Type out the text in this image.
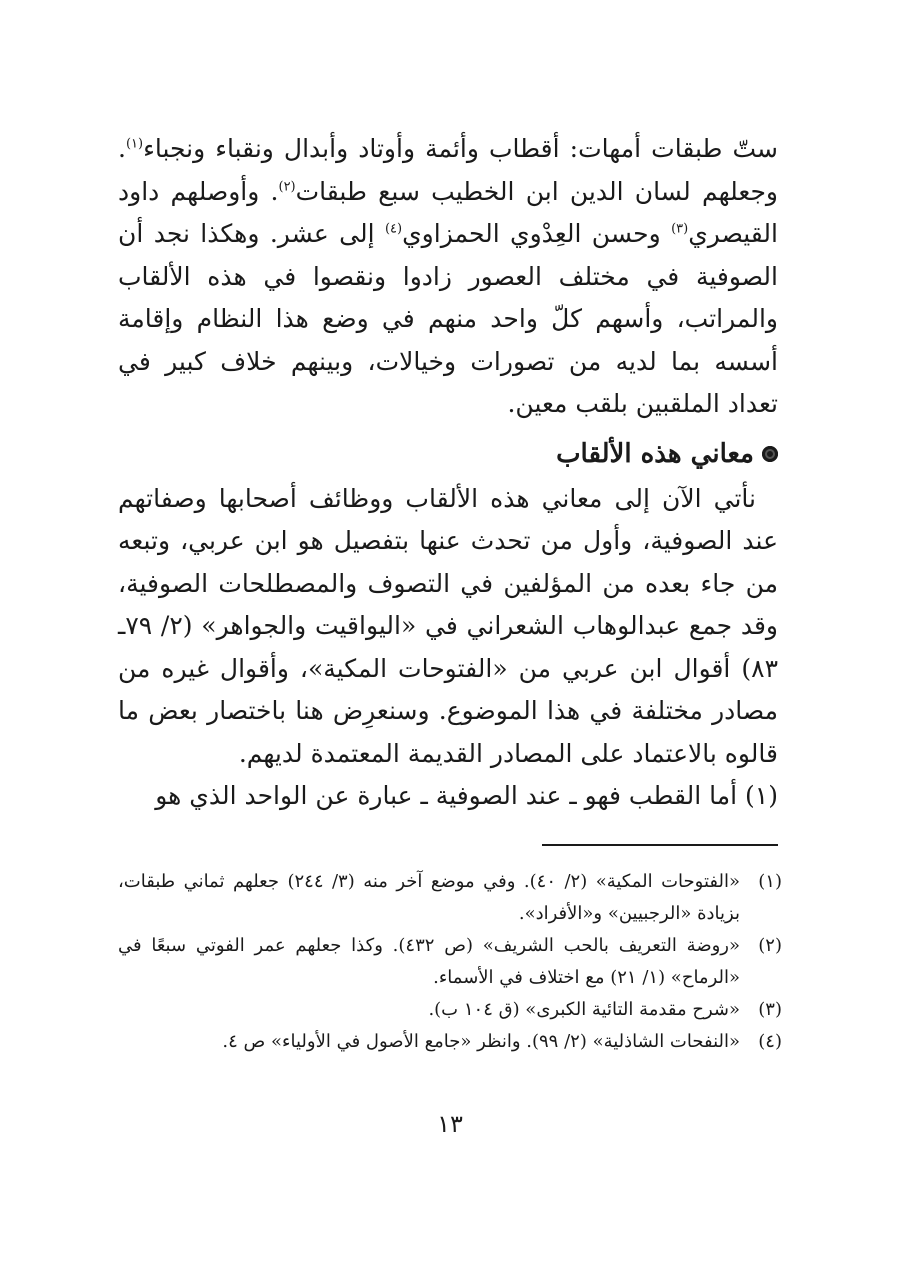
ستّ طبقات أمهات: أقطاب وأئمة وأوتاد وأبدال ونقباء ونجباء$^{(١)}$. وجعلهم لسان الدين ابن الخطيب سبع طبقات$^{(٢)}$. وأوصلهم داود القيصري$^{(٣)}$ وحسن العِدْوي الحمزاوي$^{(٤)}$ إلى عشر. وهكذا نجد أن الصوفية في مختلف العصور زادوا ونقصوا في هذه الألقاب والمراتب، وأسهم كلّ واحد منهم في وضع هذا النظام وإقامة أسسه بما لديه من تصورات وخيالات، وبينهم خلاف كبير في تعداد الملقبين بلقب معين.

معاني هذه الألقاب

نأتي الآن إلى معاني هذه الألقاب ووظائف أصحابها وصفاتهم عند الصوفية، وأول من تحدث عنها بتفصيل هو ابن عربي، وتبعه من جاء بعده من المؤلفين في التصوف والمصطلحات الصوفية، وقد جمع عبدالوهاب الشعراني في «اليواقيت والجواهر» (٢/ ٧٩ـ ٨٣) أقوال ابن عربي من «الفتوحات المكية»، وأقوال غيره من مصادر مختلفة في هذا الموضوع. وسنعرِض هنا باختصار بعض ما قالوه بالاعتماد على المصادر القديمة المعتمدة لديهم.

(١) أما القطب فهو ـ عند الصوفية ـ عبارة عن الواحد الذي هو

(١)
«الفتوحات المكية» (٢/ ٤٠). وفي موضع آخر منه (٣/ ٢٤٤) جعلهم ثماني طبقات، بزيادة «الرجبيين» و«الأفراد».
(٢)
«روضة التعريف بالحب الشريف» (ص ٤٣٢). وكذا جعلهم عمر الفوتي سبعًا في «الرماح» (١/ ٢١) مع اختلاف في الأسماء.
(٣)
«شرح مقدمة التائية الكبرى» (ق ١٠٤ ب).
(٤)
«النفحات الشاذلية» (٢/ ٩٩). وانظر «جامع الأصول في الأولياء» ص ٤.
١٣
